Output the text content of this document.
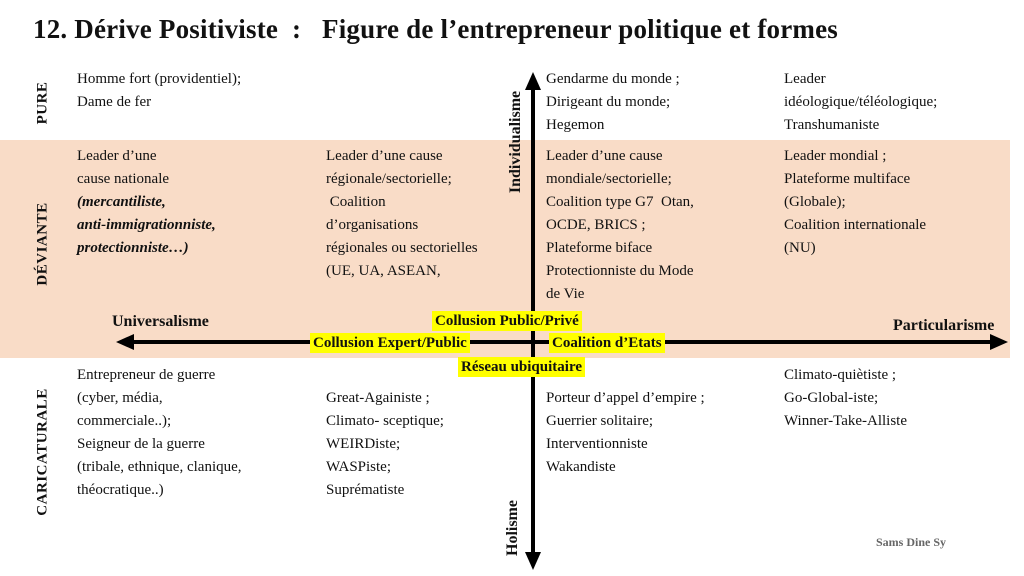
12. Dérive Positiviste  :   Figure de l’entrepreneur politique et formes
PURE
DÉVIANTE
CARICATURALE
Universalisme	Particularisme
Individualisme
Holisme
Collusion Public/Privé
Collusion Expert/Public	Coalition d’Etats
Réseau ubiquitaire
Homme fort (providentiel);
Dame de fer
Gendarme du monde ;
Dirigeant du monde;
Hegemon
Leader
idéologique/téléologique;
Transhumaniste
Leader d’une
cause nationale
(mercantiliste,
anti-immigrationniste,
protectionniste…)
Leader d’une cause
régionale/sectorielle;
Coalition
d’organisations
régionales ou sectorielles
(UE, UA, ASEAN,
Leader d’une cause
mondiale/sectorielle;
Coalition type G7  Otan,
OCDE, BRICS ;
Plateforme biface
Protectionniste du Mode
de Vie
Leader mondial ;
Plateforme multiface
(Globale);
Coalition internationale
(NU)
Entrepreneur de guerre
(cyber, média,
commerciale..);
Seigneur de la guerre
(tribale, ethnique, clanique,
théocratique..)

Great-Againiste ;
Climato- sceptique;
WEIRDiste;
WASPiste;
Suprématiste

Porteur d’appel d’empire ;
Guerrier solitaire;
Interventionniste
Wakandiste
Climato-quiètiste ;
Go-Global-iste;
Winner-Take-Alliste
Sams Dine Sy
